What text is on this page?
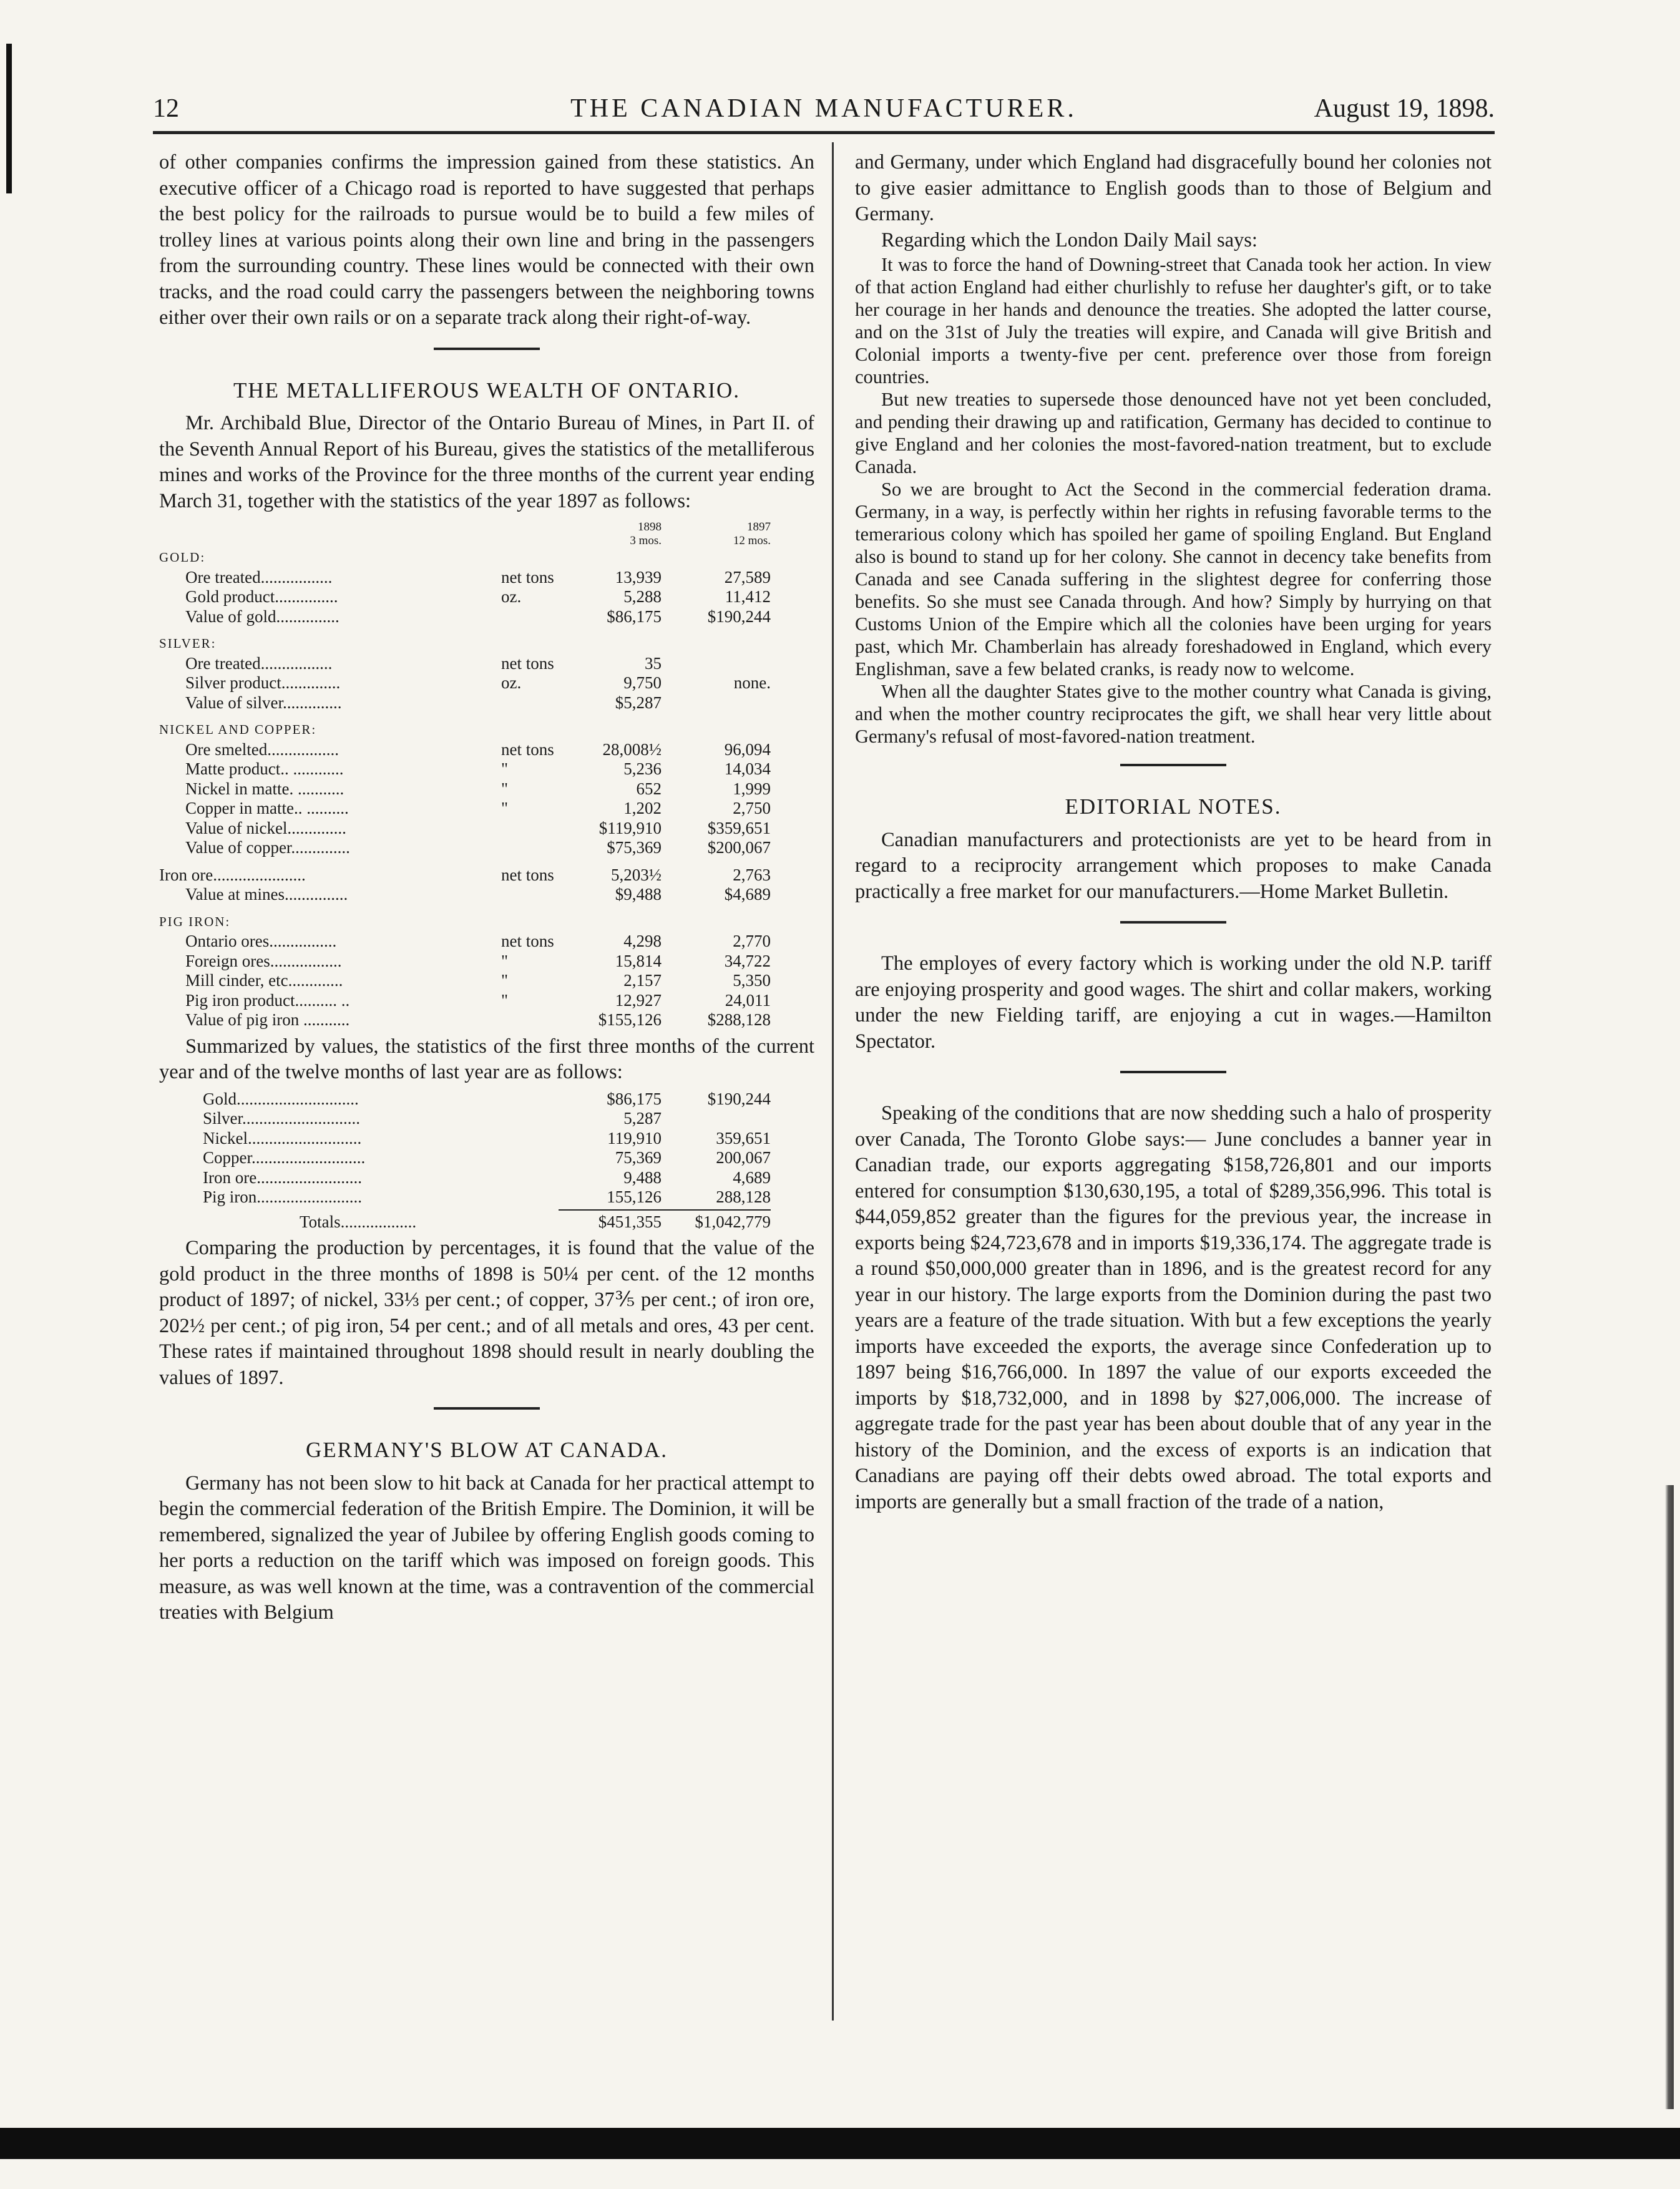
12	THE CANADIAN MANUFACTURER.	August 19, 1898.

of other companies confirms the impression gained from these statistics. An executive officer of a Chicago road is reported to have suggested that perhaps the best policy for the railroads to pursue would be to build a few miles of trolley lines at various points along their own line and bring in the passengers from the surrounding country. These lines would be connected with their own tracks, and the road could carry the passengers between the neighboring towns either over their own rails or on a separate track along their right-of-way.

THE METALLIFEROUS WEALTH OF ONTARIO.

Mr. Archibald Blue, Director of the Ontario Bureau of Mines, in Part II. of the Seventh Annual Report of his Bureau, gives the statistics of the metalliferous mines and works of the Province for the three months of the current year ending March 31, together with the statistics of the year 1897 as follows:

1898	1897
3 mos.	12 mos.
GOLD:
Ore treated.................	net tons	13,939	27,589
Gold product...............	oz.	5,288	11,412
Value of gold...............	$86,175	$190,244
SILVER:
Ore treated.................	net tons	35
Silver product..............	oz.	9,750	none.
Value of silver..............	$5,287
NICKEL AND COPPER:
Ore smelted.................	net tons	28,008½	96,094
Matte product.. ............	"	5,236	14,034
Nickel in matte. ...........	"	652	1,999
Copper in matte.. ..........	"	1,202	2,750
Value of nickel..............	$119,910	$359,651
Value of copper..............	$75,369	$200,067
Iron ore......................	net tons	5,203½	2,763
Value at mines...............	$9,488	$4,689
PIG IRON:
Ontario ores................	net tons	4,298	2,770
Foreign ores.................	"	15,814	34,722
Mill cinder, etc.............	"	2,157	5,350
Pig iron product.......... ..	"	12,927	24,011
Value of pig iron ...........	$155,126	$288,128

Summarized by values, the statistics of the first three months of the current year and of the twelve months of last year are as follows:

Gold.............................	$86,175	$190,244
Silver............................	5,287
Nickel...........................	119,910	359,651
Copper...........................	75,369	200,067
Iron ore.........................	9,488	4,689
Pig iron.........................	155,126	288,128
Totals..................	$451,355	$1,042,779

Comparing the production by percentages, it is found that the value of the gold product in the three months of 1898 is 50¼ per cent. of the 12 months product of 1897; of nickel, 33⅓ per cent.; of copper, 37⅗ per cent.; of iron ore, 202½ per cent.; of pig iron, 54 per cent.; and of all metals and ores, 43 per cent. These rates if maintained throughout 1898 should result in nearly doubling the values of 1897.

GERMANY'S BLOW AT CANADA.

Germany has not been slow to hit back at Canada for her practical attempt to begin the commercial federation of the British Empire. The Dominion, it will be remembered, signalized the year of Jubilee by offering English goods coming to her ports a reduction on the tariff which was imposed on foreign goods. This measure, as was well known at the time, was a contravention of the commercial treaties with Belgium

and Germany, under which England had disgracefully bound her colonies not to give easier admittance to English goods than to those of Belgium and Germany.

Regarding which the London Daily Mail says:

It was to force the hand of Downing-street that Canada took her action. In view of that action England had either churlishly to refuse her daughter's gift, or to take her courage in her hands and denounce the treaties. She adopted the latter course, and on the 31st of July the treaties will expire, and Canada will give British and Colonial imports a twenty-five per cent. preference over those from foreign countries.

But new treaties to supersede those denounced have not yet been concluded, and pending their drawing up and ratification, Germany has decided to continue to give England and her colonies the most-favored-nation treatment, but to exclude Canada.

So we are brought to Act the Second in the commercial federation drama. Germany, in a way, is perfectly within her rights in refusing favorable terms to the temerarious colony which has spoiled her game of spoiling England. But England also is bound to stand up for her colony. She cannot in decency take benefits from Canada and see Canada suffering in the slightest degree for conferring those benefits. So she must see Canada through. And how? Simply by hurrying on that Customs Union of the Empire which all the colonies have been urging for years past, which Mr. Chamberlain has already foreshadowed in England, which every Englishman, save a few belated cranks, is ready now to welcome.

When all the daughter States give to the mother country what Canada is giving, and when the mother country reciprocates the gift, we shall hear very little about Germany's refusal of most-favored-nation treatment.

EDITORIAL NOTES.

Canadian manufacturers and protectionists are yet to be heard from in regard to a reciprocity arrangement which proposes to make Canada practically a free market for our manufacturers.—Home Market Bulletin.

The employes of every factory which is working under the old N.P. tariff are enjoying prosperity and good wages. The shirt and collar makers, working under the new Fielding tariff, are enjoying a cut in wages.—Hamilton Spectator.

Speaking of the conditions that are now shedding such a halo of prosperity over Canada, The Toronto Globe says:— June concludes a banner year in Canadian trade, our exports aggregating $158,726,801 and our imports entered for consumption $130,630,195, a total of $289,356,996. This total is $44,059,852 greater than the figures for the previous year, the increase in exports being $24,723,678 and in imports $19,336,174. The aggregate trade is a round $50,000,000 greater than in 1896, and is the greatest record for any year in our history. The large exports from the Dominion during the past two years are a feature of the trade situation. With but a few exceptions the yearly imports have exceeded the exports, the average since Confederation up to 1897 being $16,766,000. In 1897 the value of our exports exceeded the imports by $18,732,000, and in 1898 by $27,006,000. The increase of aggregate trade for the past year has been about double that of any year in the history of the Dominion, and the excess of exports is an indication that Canadians are paying off their debts owed abroad. The total exports and imports are generally but a small fraction of the trade of a nation,
